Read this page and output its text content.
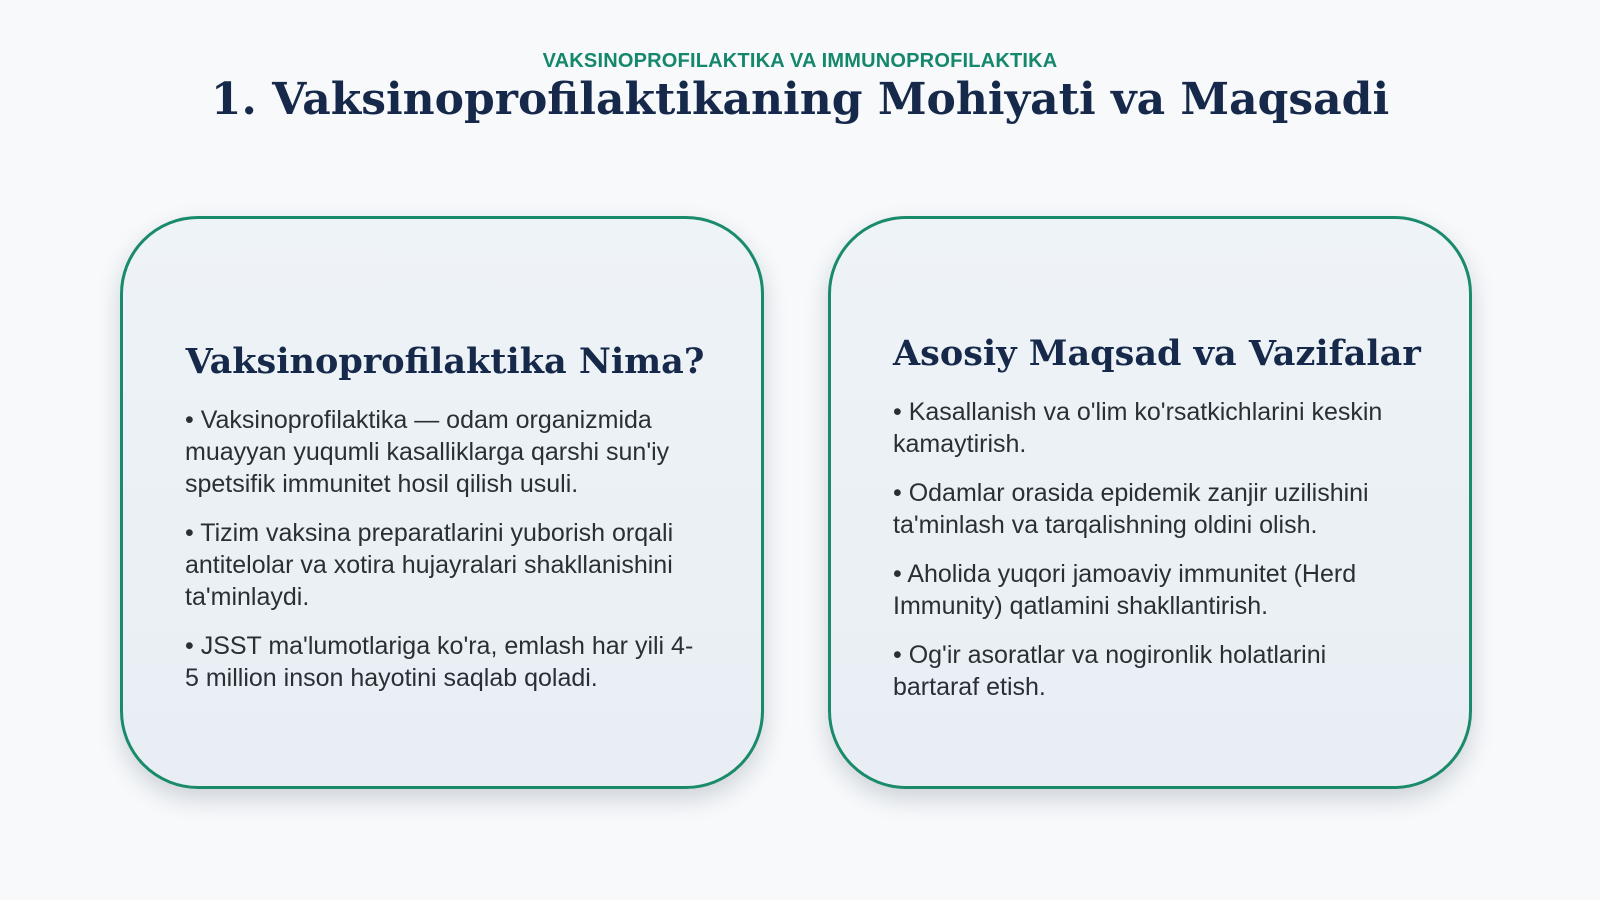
VAKSINOPROFILAKTIKA VA IMMUNOPROFILAKTIKA
1. Vaksinoprofilaktikaning Mohiyati va Maqsadi
Vaksinoprofilaktika Nima?
• Vaksinoprofilaktika — odam organizmida muayyan yuqumli kasalliklarga qarshi sun'iy spetsifik immunitet hosil qilish usuli.
• Tizim vaksina preparatlarini yuborish orqali antitelolar va xotira hujayralari shakllanishini ta'minlaydi.
• JSST ma'lumotlariga ko'ra, emlash har yili 4-5 million inson hayotini saqlab qoladi.
Asosiy Maqsad va Vazifalar
• Kasallanish va o'lim ko'rsatkichlarini keskin kamaytirish.
• Odamlar orasida epidemik zanjir uzilishini ta'minlash va tarqalishning oldini olish.
• Aholida yuqori jamoaviy immunitet (Herd Immunity) qatlamini shakllantirish.
• Og'ir asoratlar va nogironlik holatlarini bartaraf etish.
